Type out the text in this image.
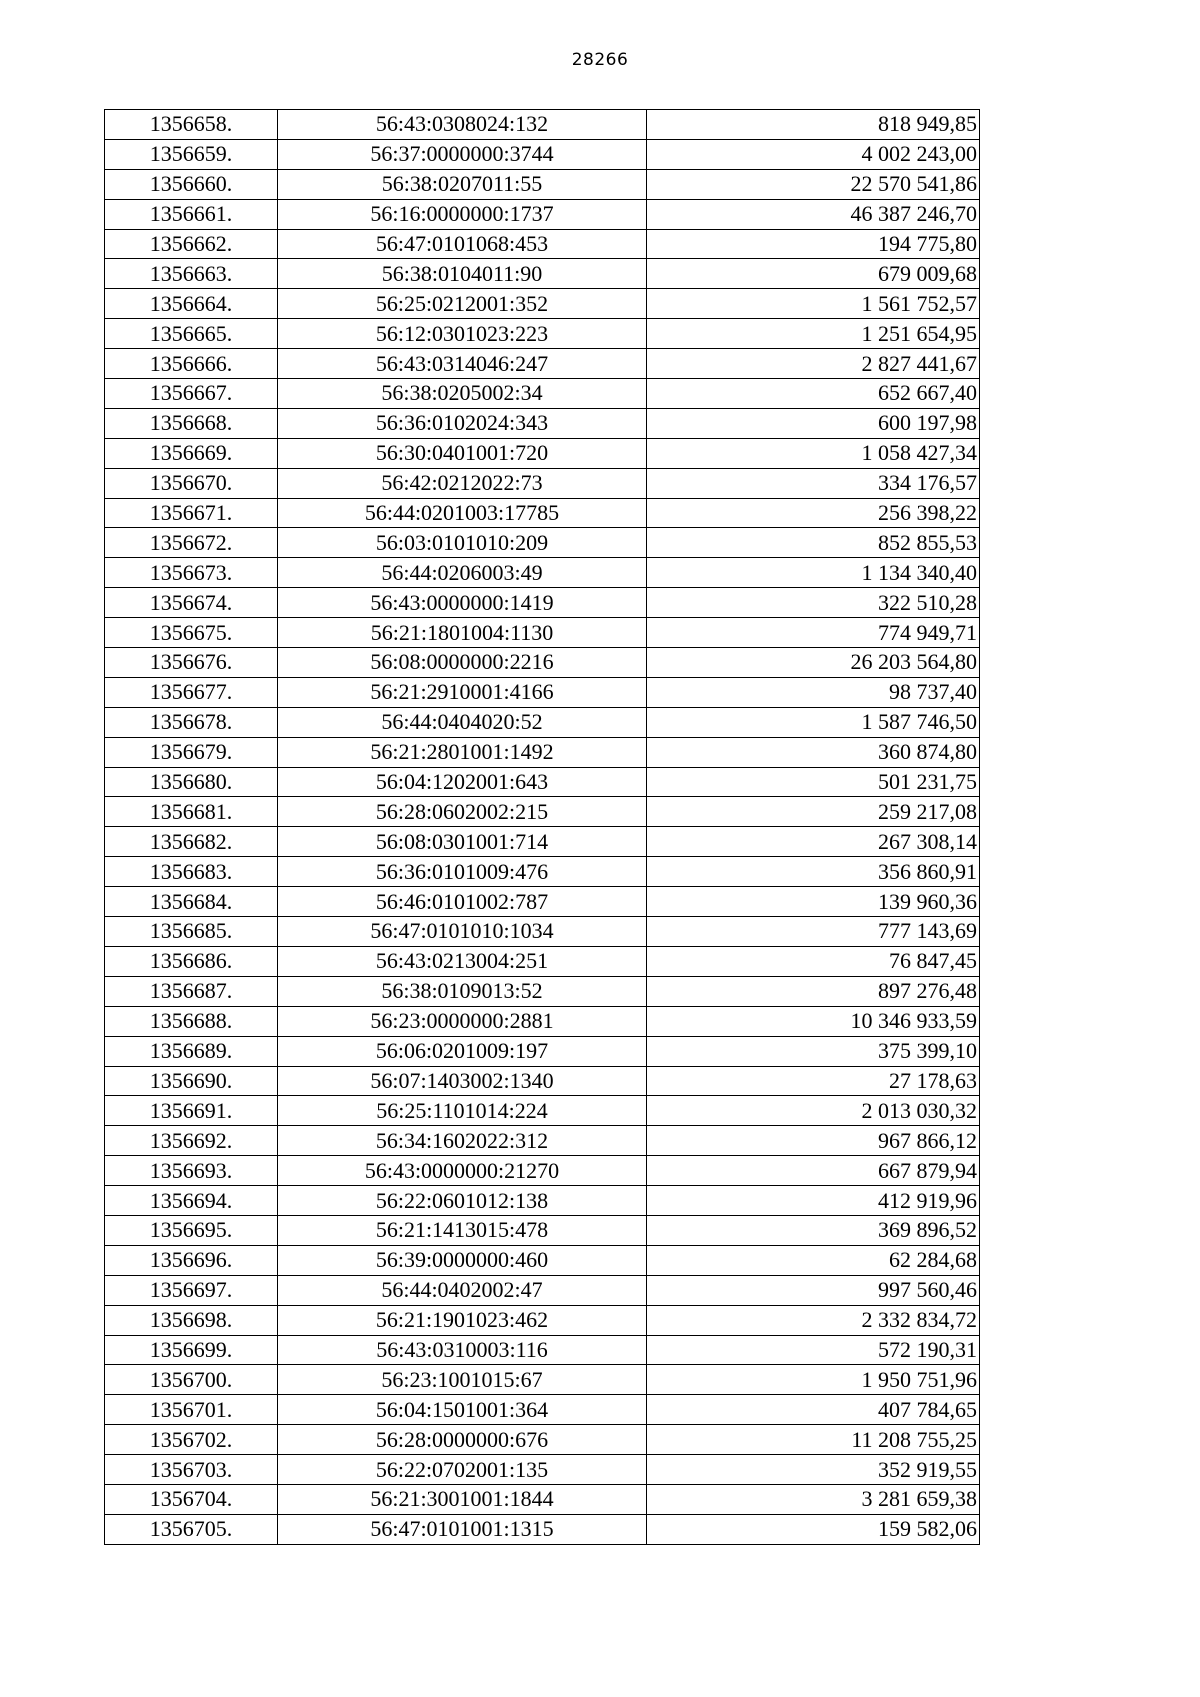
28266
1356658.	56:43:0308024:132	818 949,85
1356659.	56:37:0000000:3744	4 002 243,00
1356660.	56:38:0207011:55	22 570 541,86
1356661.	56:16:0000000:1737	46 387 246,70
1356662.	56:47:0101068:453	194 775,80
1356663.	56:38:0104011:90	679 009,68
1356664.	56:25:0212001:352	1 561 752,57
1356665.	56:12:0301023:223	1 251 654,95
1356666.	56:43:0314046:247	2 827 441,67
1356667.	56:38:0205002:34	652 667,40
1356668.	56:36:0102024:343	600 197,98
1356669.	56:30:0401001:720	1 058 427,34
1356670.	56:42:0212022:73	334 176,57
1356671.	56:44:0201003:17785	256 398,22
1356672.	56:03:0101010:209	852 855,53
1356673.	56:44:0206003:49	1 134 340,40
1356674.	56:43:0000000:1419	322 510,28
1356675.	56:21:1801004:1130	774 949,71
1356676.	56:08:0000000:2216	26 203 564,80
1356677.	56:21:2910001:4166	98 737,40
1356678.	56:44:0404020:52	1 587 746,50
1356679.	56:21:2801001:1492	360 874,80
1356680.	56:04:1202001:643	501 231,75
1356681.	56:28:0602002:215	259 217,08
1356682.	56:08:0301001:714	267 308,14
1356683.	56:36:0101009:476	356 860,91
1356684.	56:46:0101002:787	139 960,36
1356685.	56:47:0101010:1034	777 143,69
1356686.	56:43:0213004:251	76 847,45
1356687.	56:38:0109013:52	897 276,48
1356688.	56:23:0000000:2881	10 346 933,59
1356689.	56:06:0201009:197	375 399,10
1356690.	56:07:1403002:1340	27 178,63
1356691.	56:25:1101014:224	2 013 030,32
1356692.	56:34:1602022:312	967 866,12
1356693.	56:43:0000000:21270	667 879,94
1356694.	56:22:0601012:138	412 919,96
1356695.	56:21:1413015:478	369 896,52
1356696.	56:39:0000000:460	62 284,68
1356697.	56:44:0402002:47	997 560,46
1356698.	56:21:1901023:462	2 332 834,72
1356699.	56:43:0310003:116	572 190,31
1356700.	56:23:1001015:67	1 950 751,96
1356701.	56:04:1501001:364	407 784,65
1356702.	56:28:0000000:676	11 208 755,25
1356703.	56:22:0702001:135	352 919,55
1356704.	56:21:3001001:1844	3 281 659,38
1356705.	56:47:0101001:1315	159 582,06
